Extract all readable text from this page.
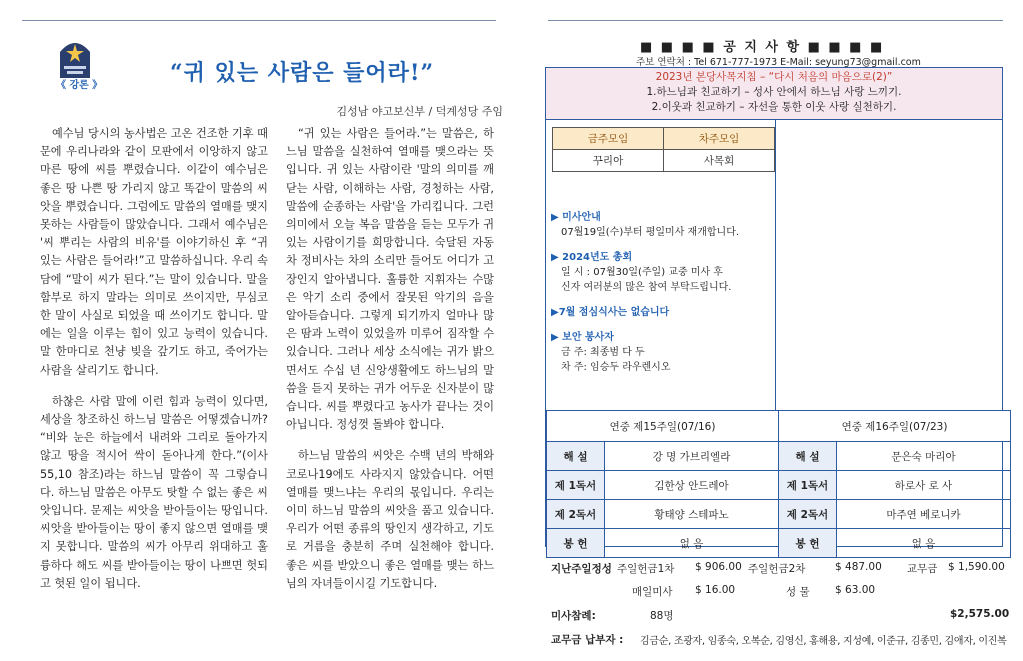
《 강론 》	“귀 있는 사람은 들어라!”
김성남 야고보신부 / 덕계성당 주임

예수님 당시의 농사법은 고온 건조한 기후 때문에 우리나라와 같이 모판에서 이앙하지 않고 마른 땅에 씨를 뿌렸습니다. 이같이 예수님은 좋은 땅 나쁜 땅 가리지 않고 똑같이 말씀의 씨앗을 뿌렸습니다. 그럼에도 말씀의 열매를 맺지 못하는 사람들이 많았습니다. 그래서 예수님은 '씨 뿌리는 사람의 비유'를 이야기하신 후 “귀 있는 사람은 들어라!”고 말씀하십니다. 우리 속담에 “말이 씨가 된다.”는 말이 있습니다. 말을 함부로 하지 말라는 의미로 쓰이지만, 무심코 한 말이 사실로 되었을 때 쓰이기도 합니다. 말에는 일을 이루는 힘이 있고 능력이 있습니다. 말 한마디로 천냥 빚을 갚기도 하고, 죽어가는 사람을 살리기도 합니다.

하찮은 사람 말에 이런 힘과 능력이 있다면, 세상을 창조하신 하느님 말씀은 어떻겠습니까? “비와 눈은 하늘에서 내려와 그리로 돌아가지 않고 땅을 적시어 싹이 돋아나게 한다.”(이사 55,10 참조)라는 하느님 말씀이 꼭 그렇습니다. 하느님 말씀은 아무도 탓할 수 없는 좋은 씨앗입니다. 문제는 씨앗을 받아들이는 땅입니다. 씨앗을 받아들이는 땅이 좋지 않으면 열매를 맺지 못합니다. 말씀의 씨가 아무리 위대하고 훌륭하다 해도 씨를 받아들이는 땅이 나쁘면 헛되고 헛된 일이 됩니다.

“귀 있는 사람은 들어라.”는 말씀은, 하느님 말씀을 실천하여 열매를 맺으라는 뜻입니다. 귀 있는 사람이란 '말의 의미를 깨닫는 사람, 이해하는 사람, 경청하는 사람, 말씀에 순종하는 사람'을 가리킵니다. 그런 의미에서 오늘 복음 말씀을 듣는 모두가 귀 있는 사람이기를 희망합니다. 숙달된 자동차 정비사는 차의 소리만 들어도 어디가 고장인지 알아냅니다. 훌륭한 지휘자는 수많은 악기 소리 중에서 잘못된 악기의 음을 알아듣습니다. 그렇게 되기까지 얼마나 많은 땀과 노력이 있었을까 미루어 짐작할 수 있습니다. 그러나 세상 소식에는 귀가 밝으면서도 수십 년 신앙생활에도 하느님의 말씀을 듣지 못하는 귀가 어두운 신자분이 많습니다. 씨를 뿌렸다고 농사가 끝나는 것이 아닙니다. 정성껏 돌봐야 합니다.

하느님 말씀의 씨앗은 수백 년의 박해와 코로나19에도 사라지지 않았습니다. 어떤 열매를 맺느냐는 우리의 몫입니다. 우리는 이미 하느님 말씀의 씨앗을 품고 있습니다. 우리가 어떤 종류의 땅인지 생각하고, 기도로 거름을 충분히 주며 실천해야 합니다. 좋은 씨를 받았으니 좋은 열매를 맺는 하느님의 자녀들이시길 기도합니다.

■ ■ ■ ■ 공 지 사 항 ■ ■ ■ ■
주보 연락처 : Tel 671-777-1973 E-Mail: seyung73@gmail.com
2023년 본당사목지침 – “다시 처음의 마음으로(2)”
1.하느님과 친교하기 – 성사 안에서 하느님 사랑 느끼기.
2.이웃과 친교하기 – 자선을 통한 이웃 사랑 실천하기.
금주모임	차주모임
꾸리아	사목회
▶ 미사안내
07월19일(수)부터 평일미사 재개합니다.
▶ 2024년도 총회
일 시 : 07월30일(주일) 교중 미사 후
신자 여러분의 많은 참여 부탁드립니다.
▶7월 점심식사는 없습니다
▶ 보안 봉사자
금 주: 최종범 다 두
차 주: 임승두 라우렌시오
연중 제15주일(07/16)		연중 제16주일(07/23)	
해 설	강 명 가브리엘라	해 설	문은숙 마리아
제 1독서	김한상 안드레아	제 1독서	하로사 로 사
제 2독서	황태양 스테파노	제 2독서	마주연 베로니카
봉 헌	없 음	봉 헌	없 음
지난주일정성 주일헌금1차 $ 906.00 주일헌금2차	$ 487.00 교무금 $ 1,590.00
매일미사 $ 16.00	성 물 $ 63.00
미사참례:	88명	$2,575.00
교무금 납부자 : 김금순, 조광자, 임종숙, 오복순, 김영신, 홍해용, 지성예, 이준규, 김종민, 김애자, 이진복
